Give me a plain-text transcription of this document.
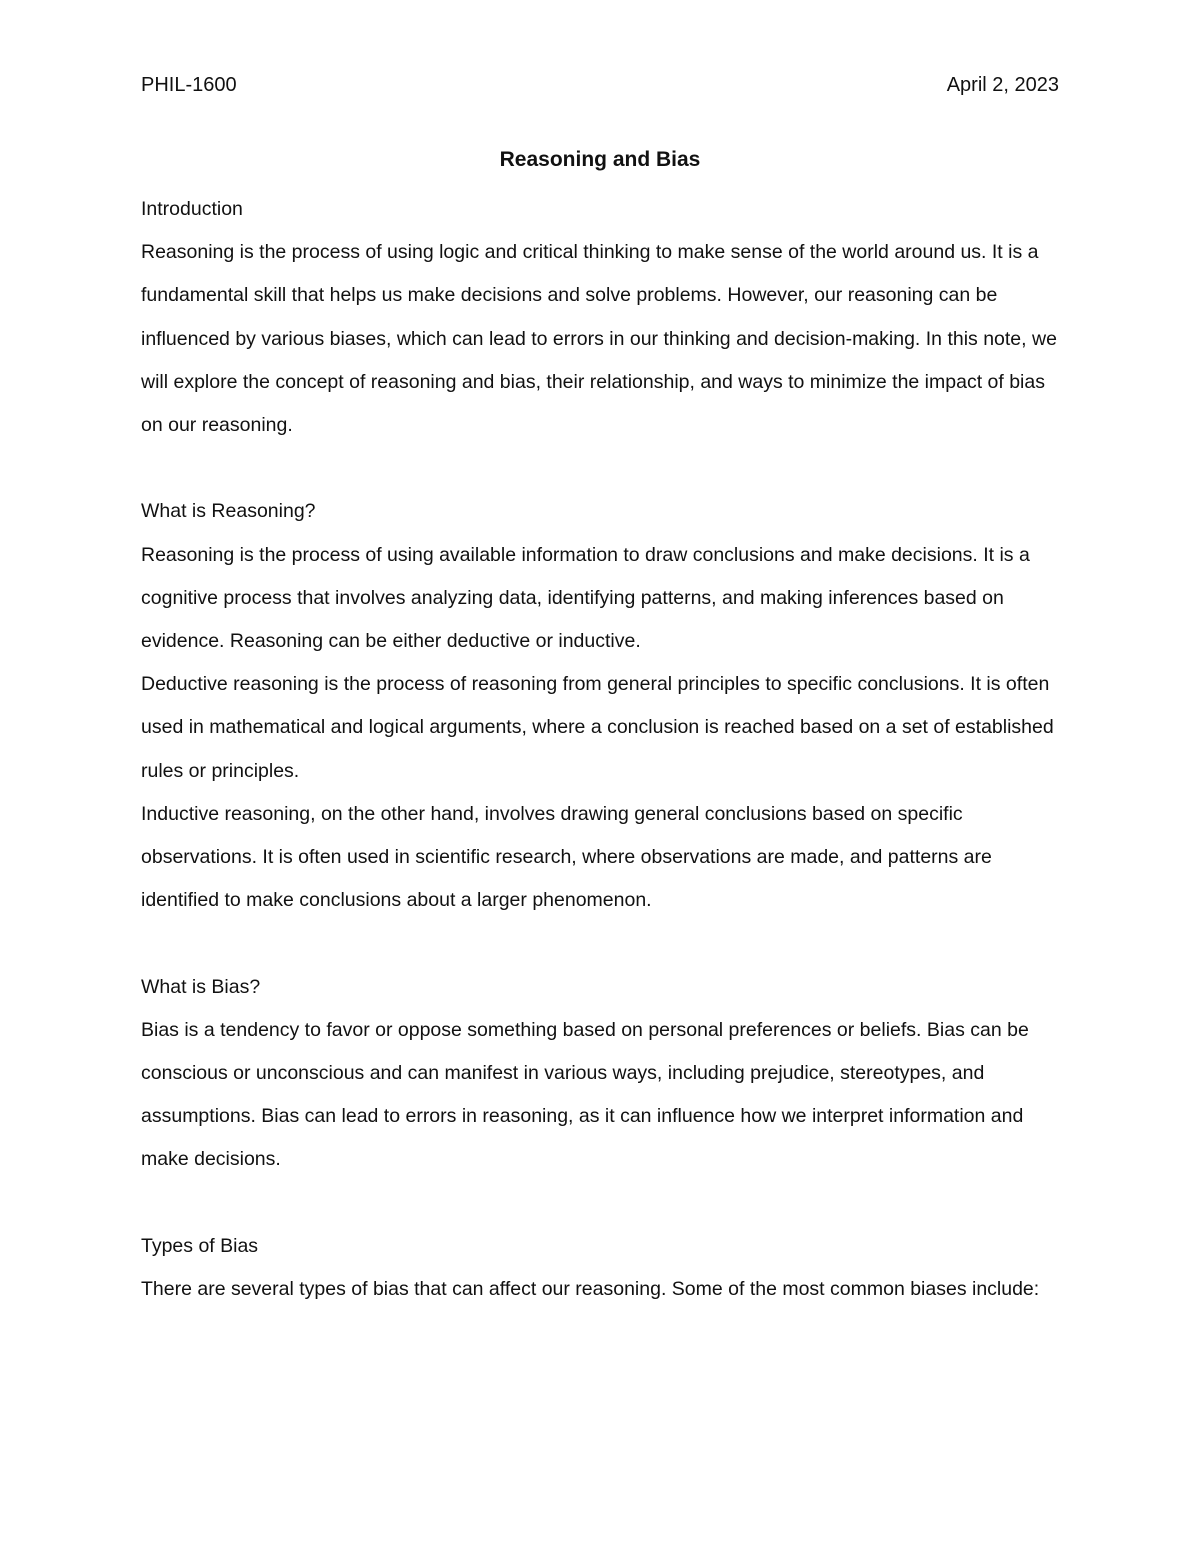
PHIL-1600	April 2, 2023
Reasoning and Bias

Introduction

Reasoning is the process of using logic and critical thinking to make sense of the world around us. It is a fundamental skill that helps us make decisions and solve problems. However, our reasoning can be influenced by various biases, which can lead to errors in our thinking and decision-making. In this note, we will explore the concept of reasoning and bias, their relationship, and ways to minimize the impact of bias on our reasoning.

What is Reasoning?

Reasoning is the process of using available information to draw conclusions and make decisions. It is a cognitive process that involves analyzing data, identifying patterns, and making inferences based on evidence. Reasoning can be either deductive or inductive.

Deductive reasoning is the process of reasoning from general principles to specific conclusions. It is often used in mathematical and logical arguments, where a conclusion is reached based on a set of established rules or principles.

Inductive reasoning, on the other hand, involves drawing general conclusions based on specific observations. It is often used in scientific research, where observations are made, and patterns are identified to make conclusions about a larger phenomenon.

What is Bias?

Bias is a tendency to favor or oppose something based on personal preferences or beliefs. Bias can be conscious or unconscious and can manifest in various ways, including prejudice, stereotypes, and assumptions. Bias can lead to errors in reasoning, as it can influence how we interpret information and make decisions.

Types of Bias

There are several types of bias that can affect our reasoning. Some of the most common biases include:
